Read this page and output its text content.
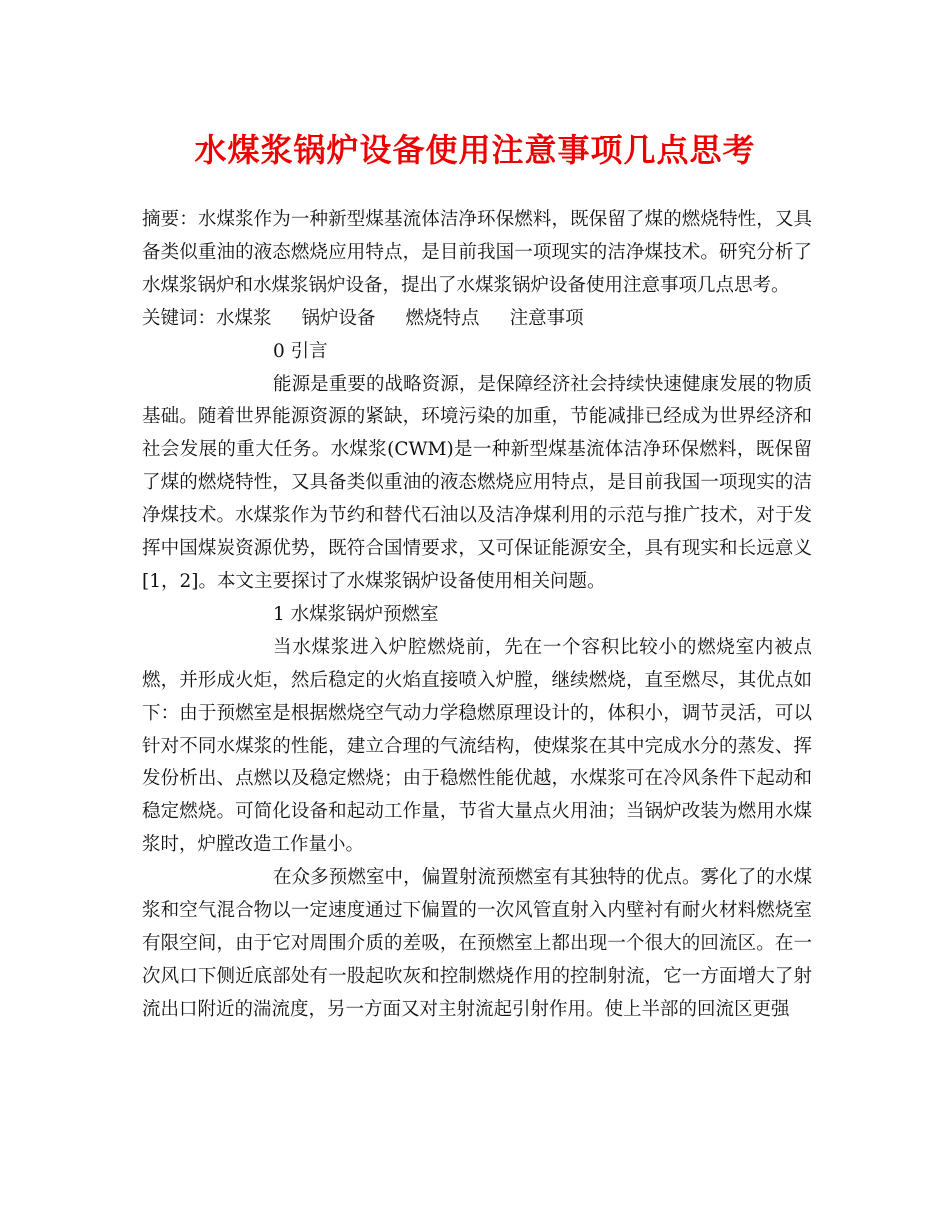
水煤浆锅炉设备使用注意事项几点思考

摘要：水煤浆作为一种新型煤基流体洁净环保燃料，既保留了煤的燃烧特性，又具备类似重油的液态燃烧应用特点，是目前我国一项现实的洁净煤技术。研究分析了水煤浆锅炉和水煤浆锅炉设备，提出了水煤浆锅炉设备使用注意事项几点思考。

关键词：水煤浆 锅炉设备 燃烧特点 注意事项

0 引言

能源是重要的战略资源，是保障经济社会持续快速健康发展的物质基础。随着世界能源资源的紧缺，环境污染的加重，节能减排已经成为世界经济和社会发展的重大任务。水煤浆(CWM)是一种新型煤基流体洁净环保燃料，既保留了煤的燃烧特性，又具备类似重油的液态燃烧应用特点，是目前我国一项现实的洁净煤技术。水煤浆作为节约和替代石油以及洁净煤利用的示范与推广技术，对于发挥中国煤炭资源优势，既符合国情要求，又可保证能源安全，具有现实和长远意义[1，2]。本文主要探讨了水煤浆锅炉设备使用相关问题。

1 水煤浆锅炉预燃室

当水煤浆进入炉腔燃烧前，先在一个容积比较小的燃烧室内被点燃，并形成火炬，然后稳定的火焰直接喷入炉膛，继续燃烧，直至燃尽，其优点如下：由于预燃室是根据燃烧空气动力学稳燃原理设计的，体积小，调节灵活，可以针对不同水煤浆的性能，建立合理的气流结构，使煤浆在其中完成水分的蒸发、挥发份析出、点燃以及稳定燃烧；由于稳燃性能优越，水煤浆可在冷风条件下起动和稳定燃烧。可简化设备和起动工作量，节省大量点火用油；当锅炉改装为燃用水煤浆时，炉膛改造工作量小。

在众多预燃室中，偏置射流预燃室有其独特的优点。雾化了的水煤浆和空气混合物以一定速度通过下偏置的一次风管直射入内壁衬有耐火材料燃烧室有限空间，由于它对周围介质的差吸，在预燃室上都出现一个很大的回流区。在一次风口下侧近底部处有一股起吹灰和控制燃烧作用的控制射流，它一方面增大了射流出口附近的湍流度，另一方面又对主射流起引射作用。使上半部的回流区更强
